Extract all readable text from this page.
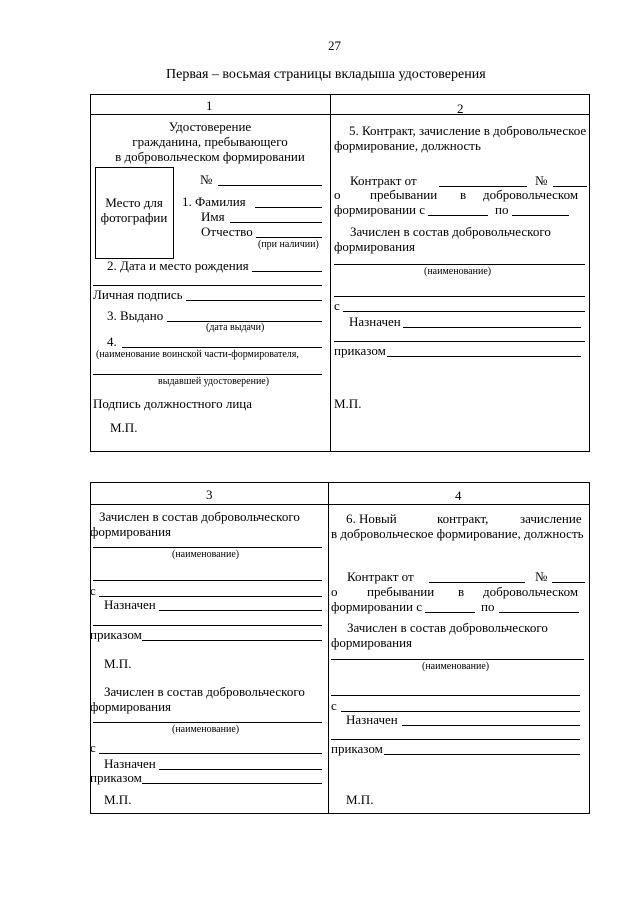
27
Первая – восьмая страницы вкладыша удостоверения
1
Удостоверение
гражданина, пребывающего
в добровольческом формировании
№
Место для
фотографии
1. Фамилия
Имя
Отчество
(при наличии)
2. Дата и место рождения
Личная подпись
3. Выдано
(дата выдачи)
4.
(наименование воинской части-формирователя,
выдавшей удостоверение)
Подпись должностного лица
М.П.
2
5. Контракт, зачисление в добровольческое
формирование, должность
Контракт от	№
о пребывании в добровольческом
формировании с	по
Зачислен в состав добровольческого
формирования
(наименование)
с
Назначен
приказом
М.П.
3
Зачислен в состав добровольческого
формирования
(наименование)
с
Назначен
приказом
М.П.
Зачислен в состав добровольческого
формирования
(наименование)
с
Назначен
приказом
М.П.
4
6. Новый	контракт, зачисление
в добровольческое формирование, должность
Контракт от	№
о пребывании в добровольческом
формировании с	по
Зачислен в состав добровольческого
формирования
(наименование)
с
Назначен
приказом
М.П.
